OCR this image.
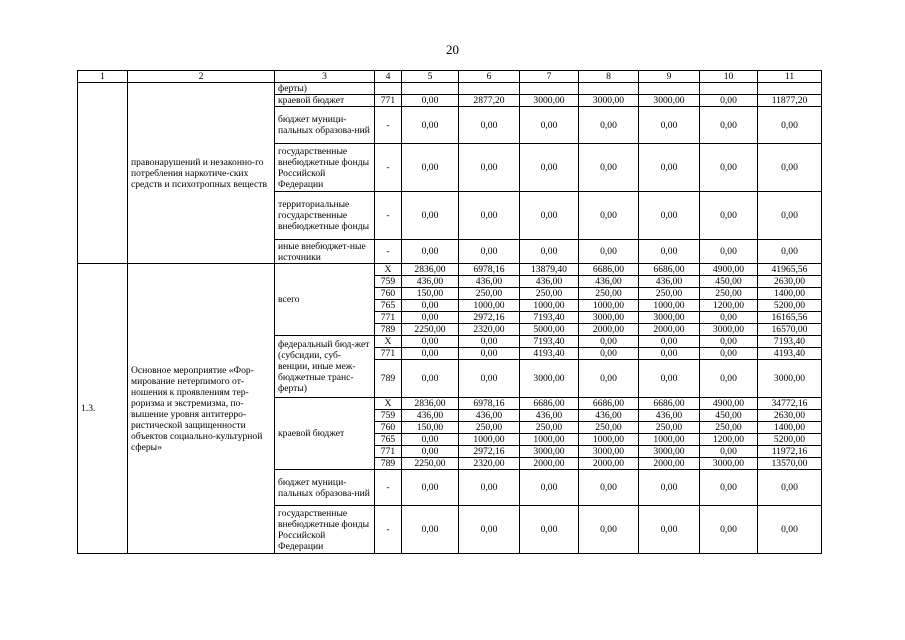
20
1	2	3	4	5	6	7	8	9	10	11
	правонарушений и незаконно-го потребления наркотиче-ских средств и психотропных веществ	ферты)								
		краевой бюджет	771	0,00	2877,20	3000,00	3000,00	3000,00	0,00	11877,20
		бюджет муници-пальных образова-ний	-	0,00	0,00	0,00	0,00	0,00	0,00	0,00
		государственные внебюджетные фонды Российской Федерации	-	0,00	0,00	0,00	0,00	0,00	0,00	0,00
		территориальные государственные внебюджетные фонды	-	0,00	0,00	0,00	0,00	0,00	0,00	0,00
		иные внебюджет-ные источники	-	0,00	0,00	0,00	0,00	0,00	0,00	0,00
1.3.	Основное мероприятие «Фор-мирование нетерпимого от-ношения к проявлениям тер-роризма и экстремизма, по-вышение уровня антитерро-ристической защищенности объектов социально-культурной сферы»	всего	Х	2836,00	6978,16	13879,40	6686,00	6686,00	4900,00	41965,56
			759	436,00	436,00	436,00	436,00	436,00	450,00	2630,00
			760	150,00	250,00	250,00	250,00	250,00	250,00	1400,00
			765	0,00	1000,00	1000,00	1000,00	1000,00	1200,00	5200,00
			771	0,00	2972,16	7193,40	3000,00	3000,00	0,00	16165,56
			789	2250,00	2320,00	5000,00	2000,00	2000,00	3000,00	16570,00
		федеральный бюд-жет (субсидии, суб-венции, иные меж-бюджетные транс-ферты)	Х	0,00	0,00	7193,40	0,00	0,00	0,00	7193,40
			771	0,00	0,00	4193,40	0,00	0,00	0,00	4193,40
			789	0,00	0,00	3000,00	0,00	0,00	0,00	3000,00
		краевой бюджет	Х	2836,00	6978,16	6686,00	6686,00	6686,00	4900,00	34772,16
			759	436,00	436,00	436,00	436,00	436,00	450,00	2630,00
			760	150,00	250,00	250,00	250,00	250,00	250,00	1400,00
			765	0,00	1000,00	1000,00	1000,00	1000,00	1200,00	5200,00
			771	0,00	2972,16	3000,00	3000,00	3000,00	0,00	11972,16
			789	2250,00	2320,00	2000,00	2000,00	2000,00	3000,00	13570,00
		бюджет муници-пальных образова-ний	-	0,00	0,00	0,00	0,00	0,00	0,00	0,00
		государственные внебюджетные фонды Российской Федерации	-	0,00	0,00	0,00	0,00	0,00	0,00	0,00
